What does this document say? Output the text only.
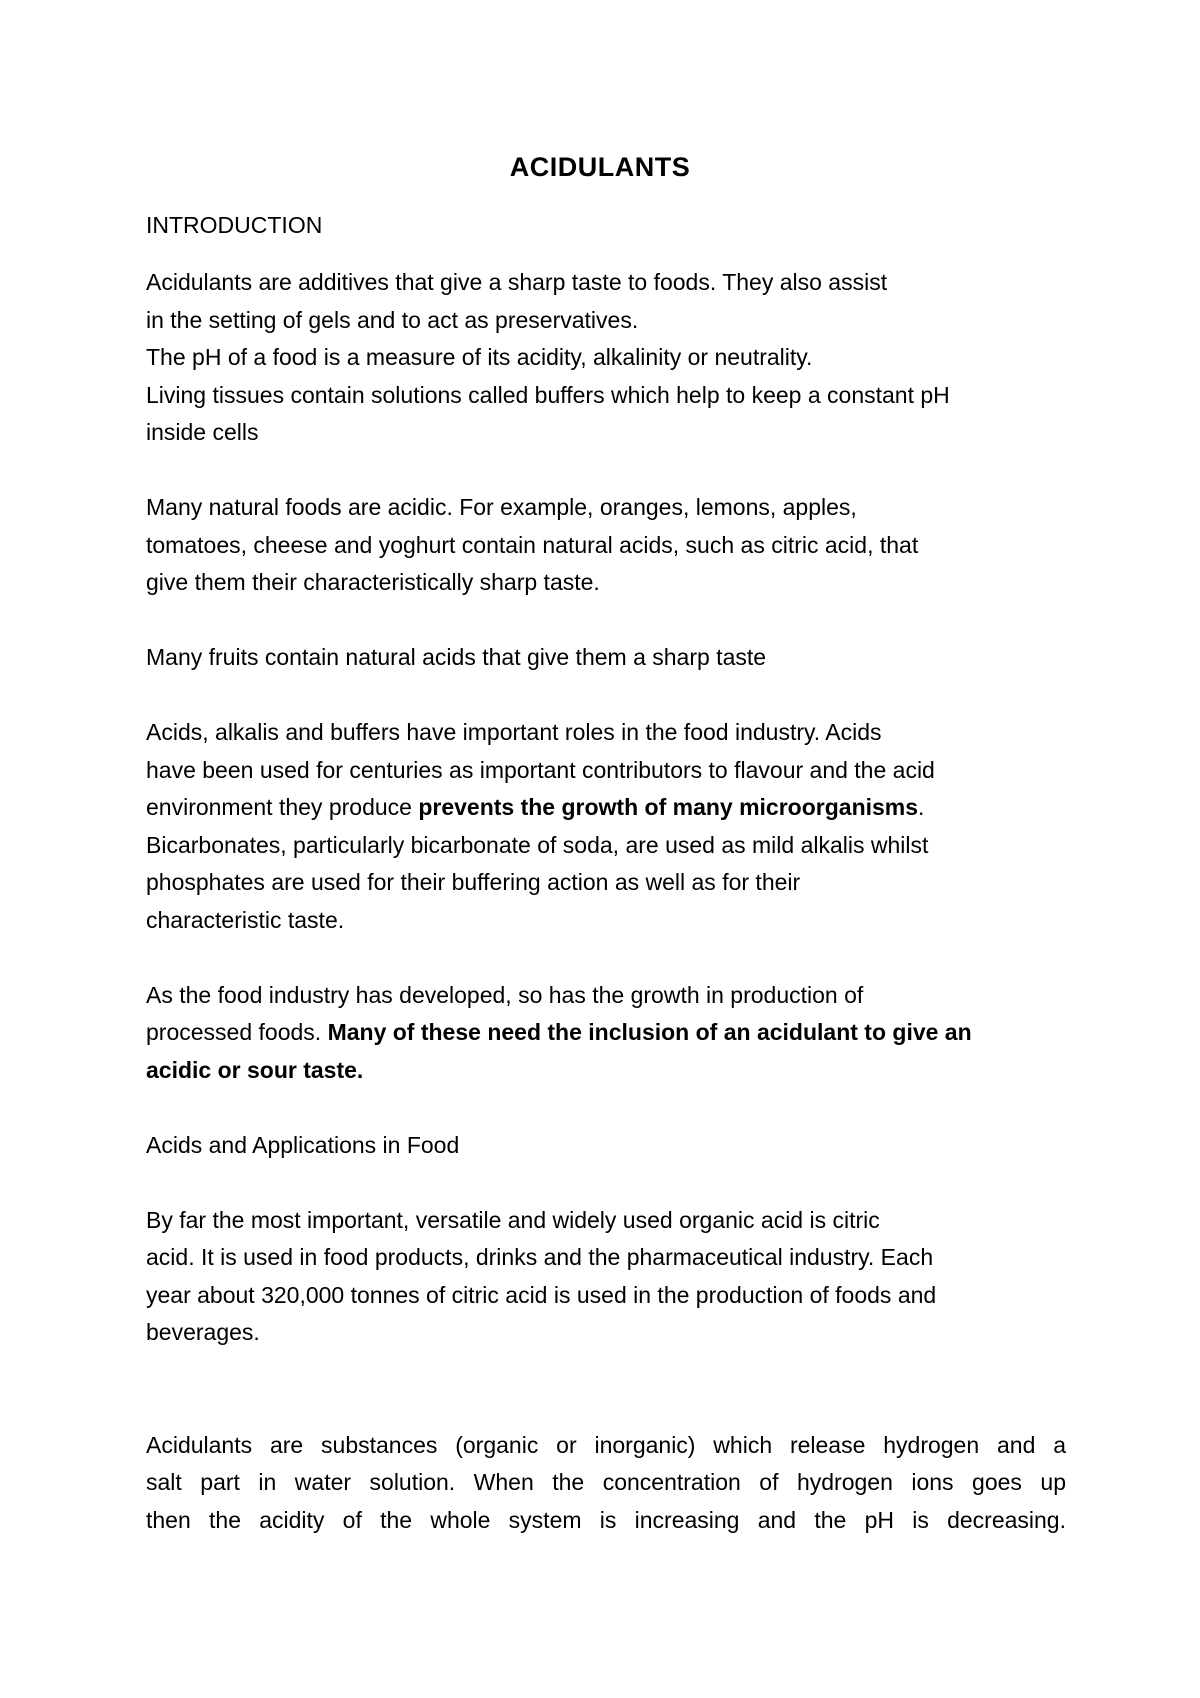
ACIDULANTS
INTRODUCTION
Acidulants are additives that give a sharp taste to foods. They also assist
in the setting of gels and to act as preservatives.
The pH of a food is a measure of its acidity, alkalinity or neutrality.
Living tissues contain solutions called buffers which help to keep a constant pH
inside cells
Many natural foods are acidic. For example, oranges, lemons, apples,
tomatoes, cheese and yoghurt contain natural acids, such as citric acid, that
give them their characteristically sharp taste.
Many fruits contain natural acids that give them a sharp taste
Acids, alkalis and buffers have important roles in the food industry. Acids
have been used for centuries as important contributors to flavour and the acid
environment they produce prevents the growth of many microorganisms.
Bicarbonates, particularly bicarbonate of soda, are used as mild alkalis whilst
phosphates are used for their buffering action as well as for their
characteristic taste.
As the food industry has developed, so has the growth in production of
processed foods. Many of these need the inclusion of an acidulant to give an
acidic or sour taste.
Acids and Applications in Food
By far the most important, versatile and widely used organic acid is citric
acid. It is used in food products, drinks and the pharmaceutical industry. Each
year about 320,000 tonnes of citric acid is used in the production of foods and
beverages.
Acidulants are substances (organic or inorganic) which release hydrogen and a
salt part in water solution. When the concentration of hydrogen ions goes up
then the acidity of the whole system is increasing and the pH is decreasing.
